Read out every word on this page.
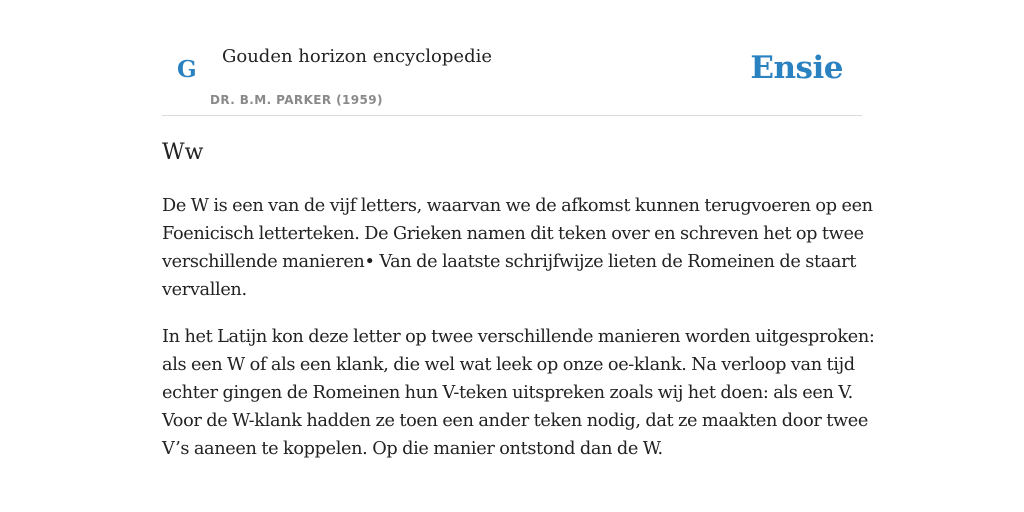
G Gouden horizon encyclopedie
DR. B.M. PARKER (1959)
Ensie
Ww

De W is een van de vijf letters, waarvan we de afkomst kunnen terugvoeren op een
Foenicisch letterteken. De Grieken namen dit teken over en schreven het op twee
verschillende manieren• Van de laatste schrijfwijze lieten de Romeinen de staart
vervallen.

In het Latijn kon deze letter op twee verschillende manieren worden uitgesproken:
als een W of als een klank, die wel wat leek op onze oe-klank. Na verloop van tijd
echter gingen de Romeinen hun V-teken uitspreken zoals wij het doen: als een V.
Voor de W-klank hadden ze toen een ander teken nodig, dat ze maakten door twee
V’s aaneen te koppelen. Op die manier ontstond dan de W.
